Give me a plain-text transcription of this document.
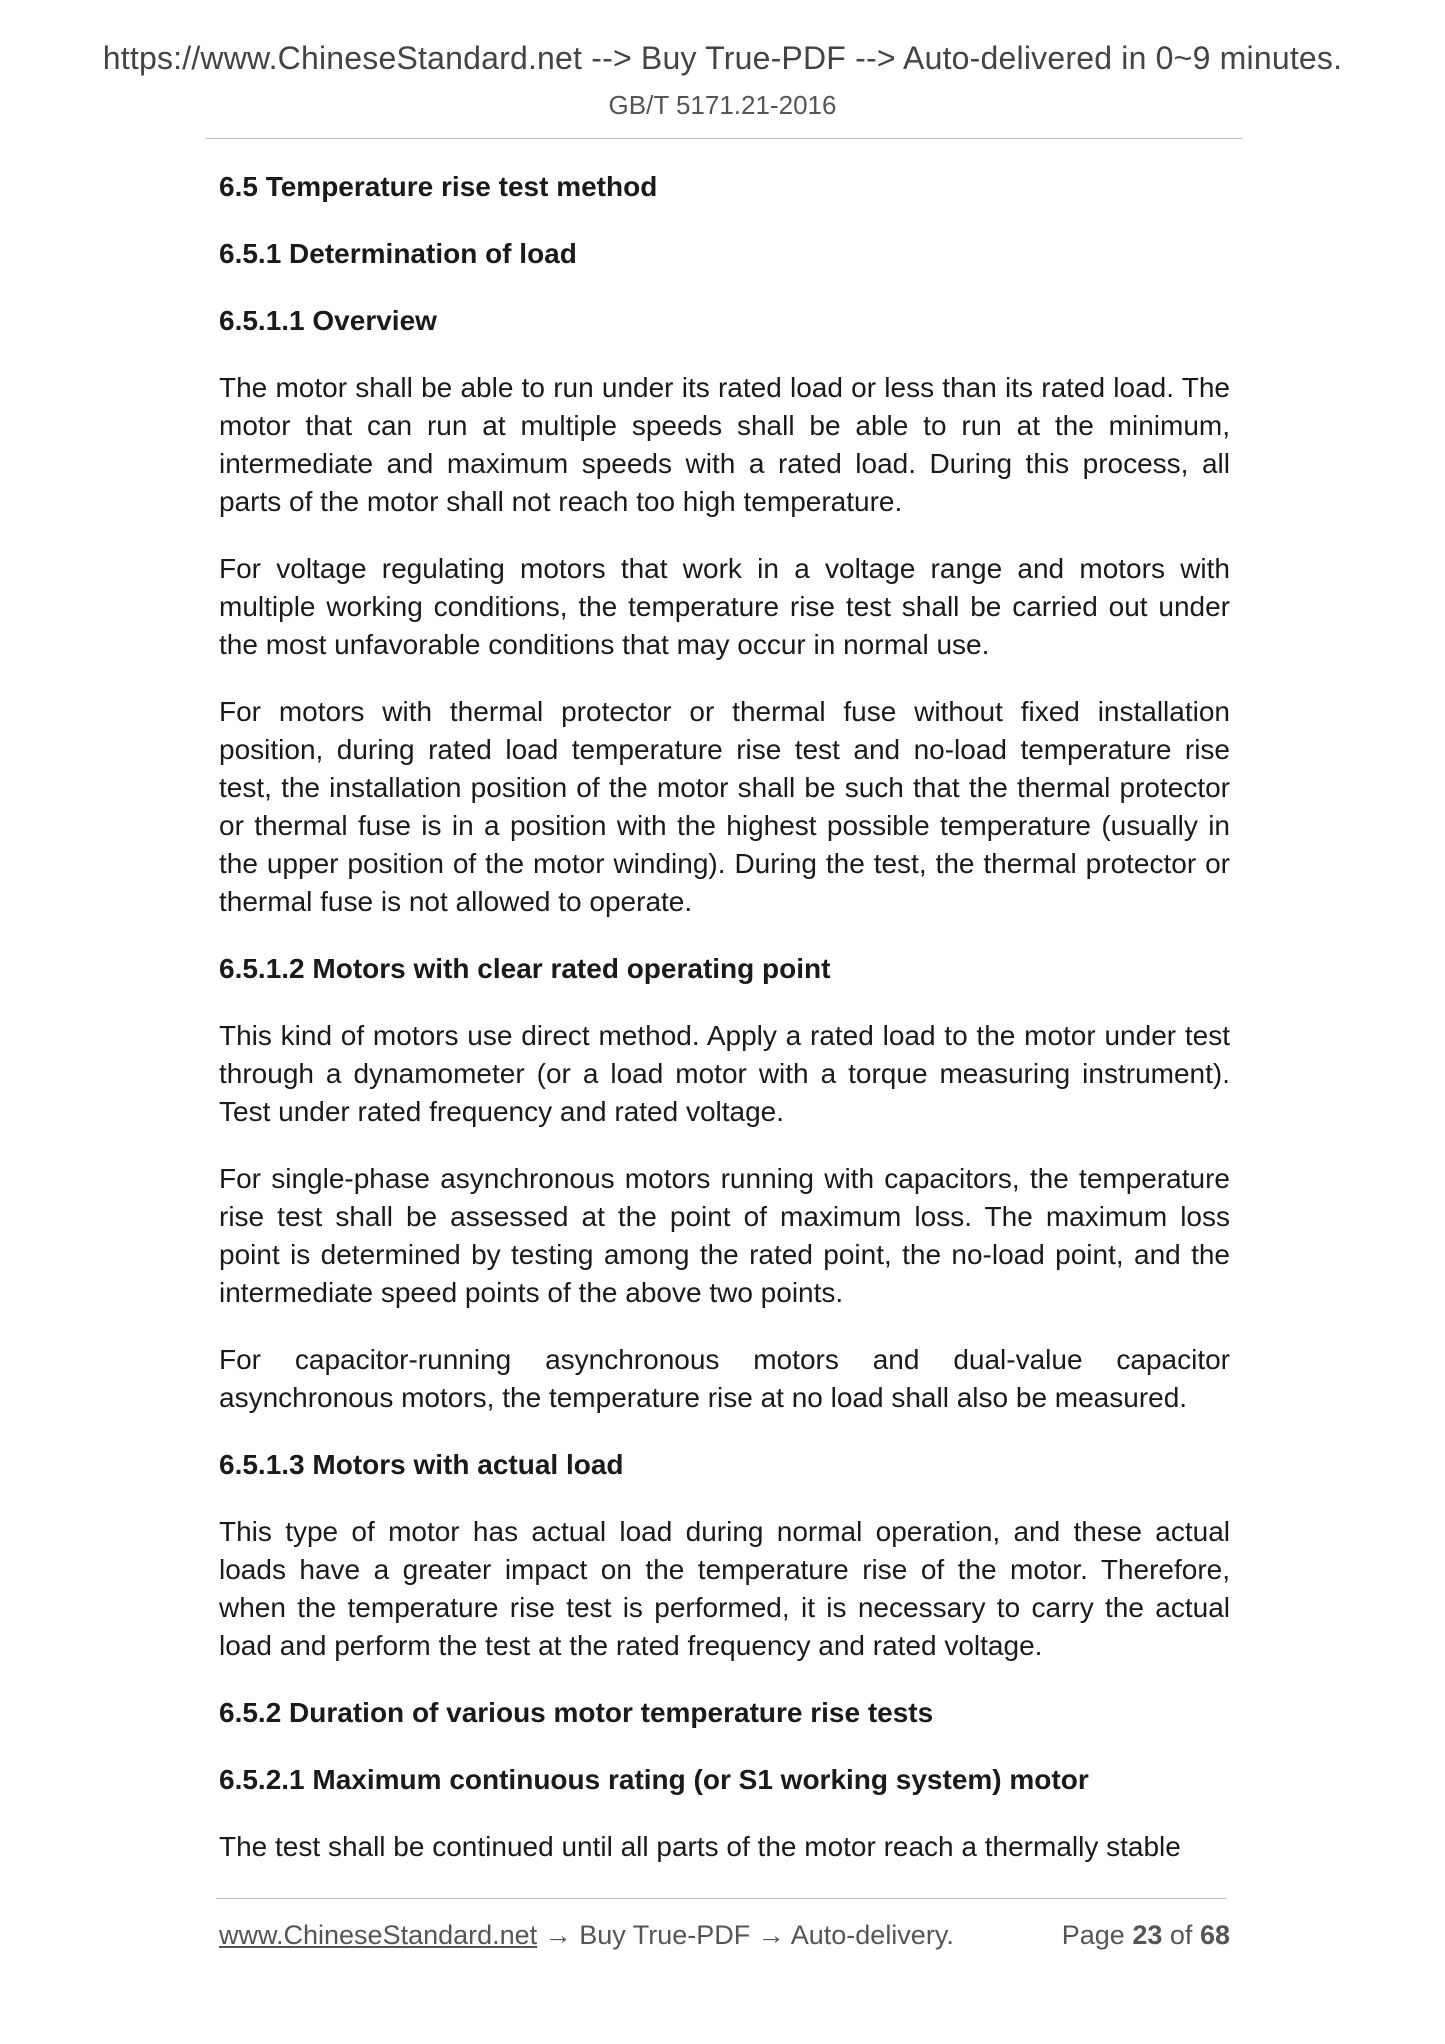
https://www.ChineseStandard.net --> Buy True-PDF --> Auto-delivered in 0~9 minutes.
GB/T 5171.21-2016
6.5 Temperature rise test method
6.5.1 Determination of load
6.5.1.1 Overview

The motor shall be able to run under its rated load or less than its rated load. The motor that can run at multiple speeds shall be able to run at the minimum, intermediate and maximum speeds with a rated load. During this process, all parts of the motor shall not reach too high temperature.

For voltage regulating motors that work in a voltage range and motors with multiple working conditions, the temperature rise test shall be carried out under the most unfavorable conditions that may occur in normal use.

For motors with thermal protector or thermal fuse without fixed installation position, during rated load temperature rise test and no-load temperature rise test, the installation position of the motor shall be such that the thermal protector or thermal fuse is in a position with the highest possible temperature (usually in the upper position of the motor winding). During the test, the thermal protector or thermal fuse is not allowed to operate.

6.5.1.2 Motors with clear rated operating point

This kind of motors use direct method. Apply a rated load to the motor under test through a dynamometer (or a load motor with a torque measuring instrument). Test under rated frequency and rated voltage.

For single-phase asynchronous motors running with capacitors, the temperature rise test shall be assessed at the point of maximum loss. The maximum loss point is determined by testing among the rated point, the no-load point, and the intermediate speed points of the above two points.

For capacitor-running asynchronous motors and dual-value capacitor asynchronous motors, the temperature rise at no load shall also be measured.

6.5.1.3 Motors with actual load

This type of motor has actual load during normal operation, and these actual loads have a greater impact on the temperature rise of the motor. Therefore, when the temperature rise test is performed, it is necessary to carry the actual load and perform the test at the rated frequency and rated voltage.

6.5.2 Duration of various motor temperature rise tests
6.5.2.1 Maximum continuous rating (or S1 working system) motor

The test shall be continued until all parts of the motor reach a thermally stable

www.ChineseStandard.net → Buy True-PDF → Auto-delivery.	Page 23 of 68
